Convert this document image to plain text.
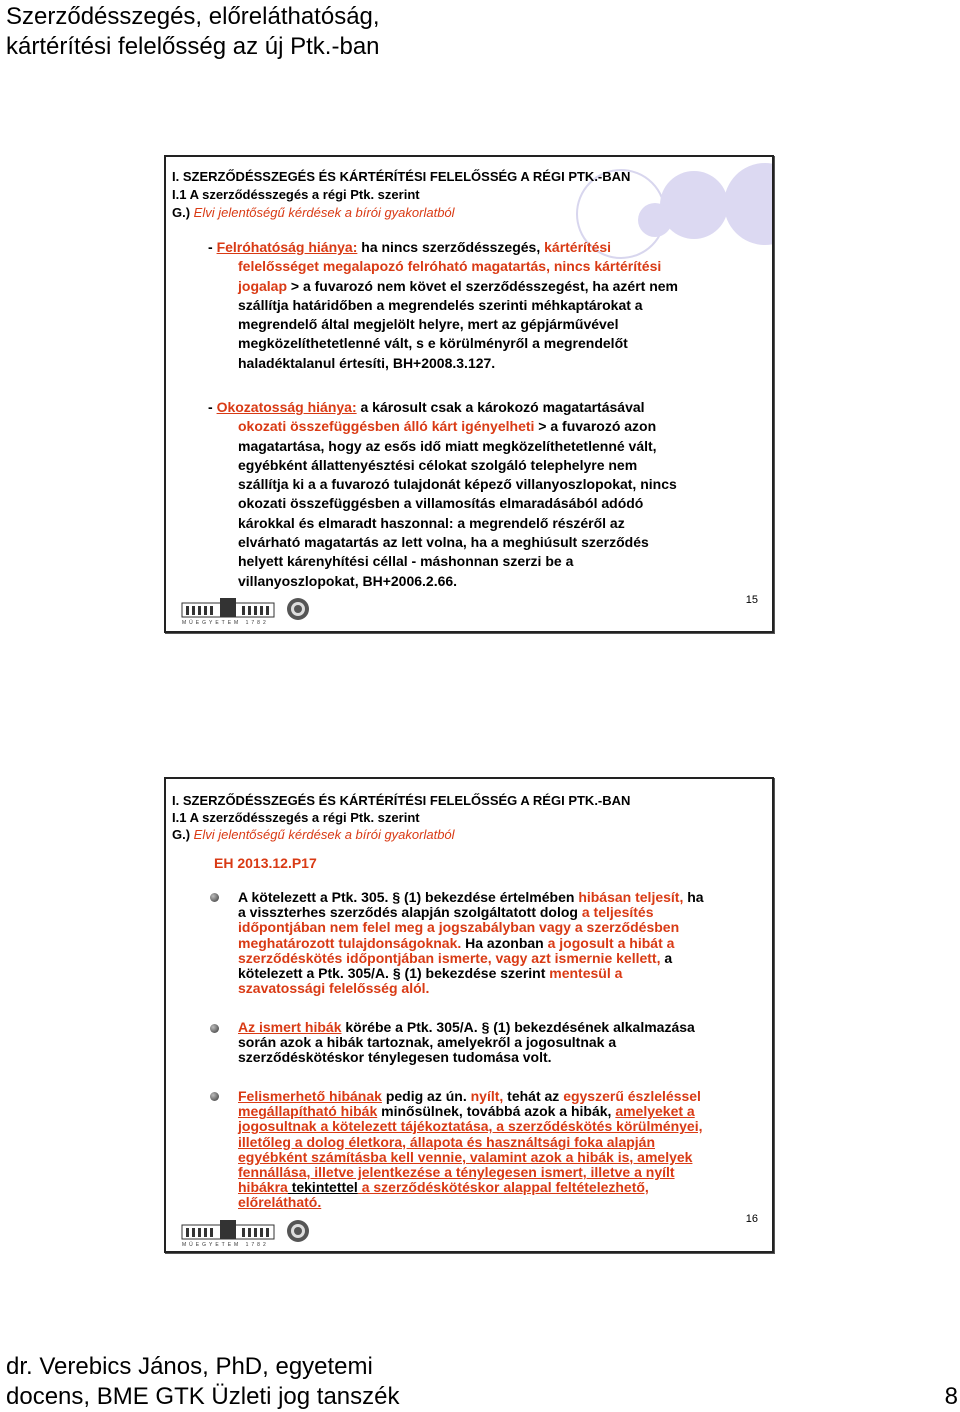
Szerződésszegés, előreláthatóság,
kártérítési felelősség az új Ptk.-ban
I. SZERZŐDÉSSZEGÉS ÉS KÁRTÉRÍTÉSI FELELŐSSÉG A RÉGI PTK.-BAN
I.1 A szerződésszegés a régi Ptk. szerint
G.) Elvi jelentőségű kérdések a bírói gyakorlatból
- Felróhatóság hiánya: ha nincs szerződésszegés, kártérítési
felelősséget megalapozó felróható magatartás, nincs kártérítési
jogalap > a fuvarozó nem követ el szerződésszegést, ha azért nem
szállítja határidőben a megrendelés szerinti méhkaptárokat a
megrendelő által megjelölt helyre, mert az gépjárművével
megközelíthetetlenné vált, s e körülményről a megrendelőt
haladéktalanul értesíti, BH+2008.3.127.
- Okozatosság hiánya: a károsult csak a károkozó magatartásával
okozati összefüggésben álló kárt igényelheti > a fuvarozó azon
magatartása, hogy az esős idő miatt megközelíthetetlenné vált,
egyébként állattenyésztési célokat szolgáló telephelyre nem
szállítja ki a a fuvarozó tulajdonát képező villanyoszlopokat, nincs
okozati összefüggésben a villamosítás elmaradásából adódó
károkkal és elmaradt haszonnal: a megrendelő részéről az
elvárható magatartás az lett volna, ha a meghiúsult szerződés
helyett kárenyhítési céllal - máshonnan szerzi be a
villanyoszlopokat, BH+2006.2.66.
MŰEGYETEM 1782
15
I. SZERZŐDÉSSZEGÉS ÉS KÁRTÉRÍTÉSI FELELŐSSÉG A RÉGI PTK.-BAN
I.1 A szerződésszegés a régi Ptk. szerint
G.) Elvi jelentőségű kérdések a bírói gyakorlatból
EH 2013.12.P17
A kötelezett a Ptk. 305. § (1) bekezdése értelmében hibásan teljesít, ha
a visszterhes szerződés alapján szolgáltatott dolog a teljesítés
időpontjában nem felel meg a jogszabályban vagy a szerződésben
meghatározott tulajdonságoknak. Ha azonban a jogosult a hibát a
szerződéskötés időpontjában ismerte, vagy azt ismernie kellett, a
kötelezett a Ptk. 305/A. § (1) bekezdése szerint mentesül a
szavatossági felelősség alól.
Az ismert hibák körébe a Ptk. 305/A. § (1) bekezdésének alkalmazása
során azok a hibák tartoznak, amelyekről a jogosultnak a
szerződéskötéskor ténylegesen tudomása volt.
Felismerhető hibának pedig az ún. nyílt, tehát az egyszerű észleléssel
megállapítható hibák minősülnek, továbbá azok a hibák, amelyeket a
jogosultnak a kötelezett tájékoztatása, a szerződéskötés körülményei,
illetőleg a dolog életkora, állapota és használtsági foka alapján
egyébként számításba kell vennie, valamint azok a hibák is, amelyek
fennállása, illetve jelentkezése a ténylegesen ismert, illetve a nyílt
hibákra tekintettel a szerződéskötéskor alappal feltételezhető,
előrelátható.
MŰEGYETEM 1782
16
dr. Verebics János, PhD, egyetemi
docens, BME GTK Üzleti jog tanszék	8
